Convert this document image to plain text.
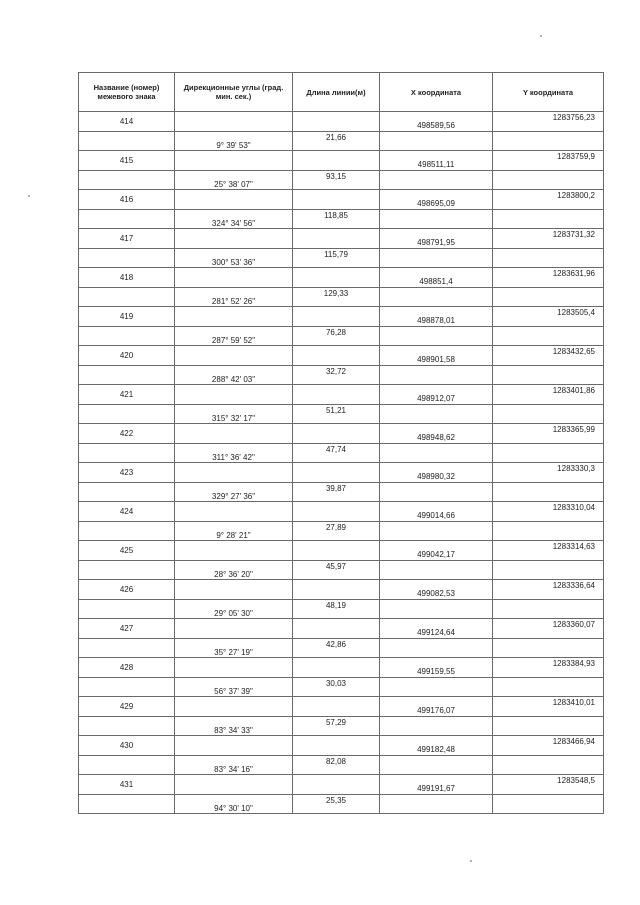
Название (номер) межевого знака	Дирекционные углы (град. мин. сек.)	Длина линии(м)	X координата	Y координата
414			498589,56	1283756,23
	9° 39' 53"	21,66		
415			498511,11	1283759,9
	25° 38' 07"	93,15		
416			498695,09	1283800,2
	324° 34' 56"	118,85		
417			498791,95	1283731,32
	300° 53' 36"	115,79		
418			498851,4	1283631,96
	281° 52' 26"	129,33		
419			498878,01	1283505,4
	287° 59' 52"	76,28		
420			498901,58	1283432,65
	288° 42' 03"	32,72		
421			498912,07	1283401,86
	315° 32' 17"	51,21		
422			498948,62	1283365,99
	311° 36' 42"	47,74		
423			498980,32	1283330,3
	329° 27' 36"	39,87		
424			499014,66	1283310,04
	9° 28' 21"	27,89		
425			499042,17	1283314,63
	28° 36' 20"	45,97		
426			499082,53	1283336,64
	29° 05' 30"	48,19		
427			499124,64	1283360,07
	35° 27' 19"	42,86		
428			499159,55	1283384,93
	56° 37' 39"	30,03		
429			499176,07	1283410,01
	83° 34' 33"	57,29		
430			499182,48	1283466,94
	83° 34' 16"	82,08		
431			499191,67	1283548,5
	94° 30' 10"	25,35		
